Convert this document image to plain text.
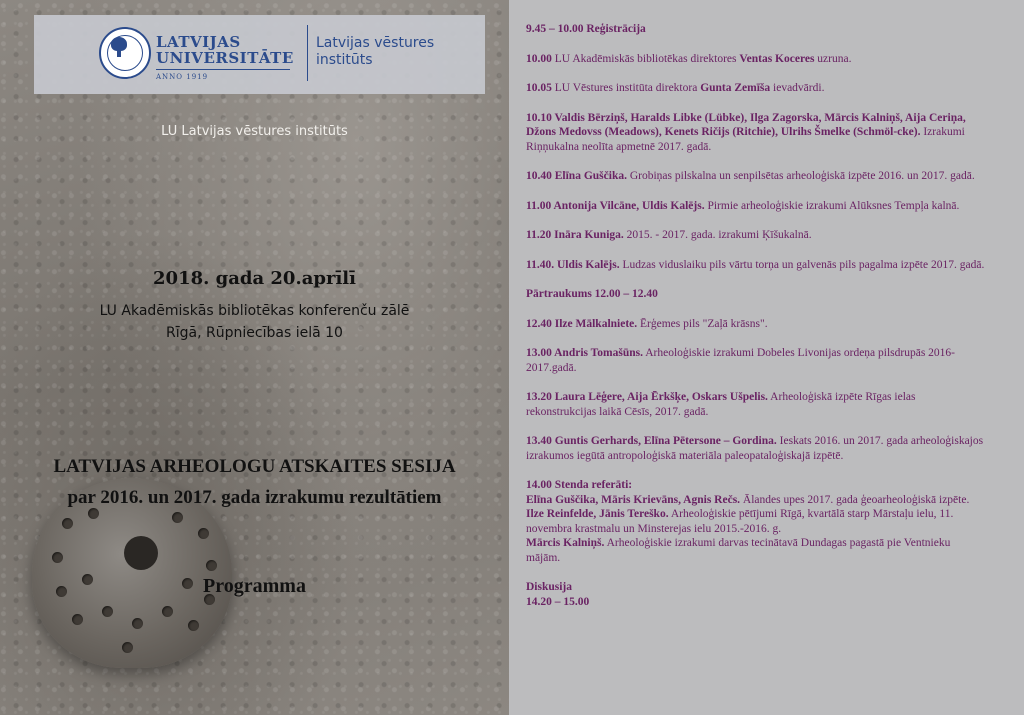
LATVIJAS
UNIVERSITĀTE
ANNO 1919
Latvijas vēstures
institūts
LU Latvijas vēstures institūts
2018. gada 20.aprīlī
LU Akadēmiskās bibliotēkas konferenču zālē
Rīgā, Rūpniecības ielā 10
LATVIJAS ARHEOLOGU ATSKAITES SESIJA
par 2016. un 2017. gada izrakumu rezultātiem
Programma
9.45 – 10.00 Reģistrācija
10.00 LU Akadēmiskās bibliotēkas direktores Ventas Koceres uzruna.
10.05 LU Vēstures institūta direktora Gunta Zemīša ievadvārdi.
10.10 Valdis Bērziņš, Haralds Libke (Lübke), Ilga Zagorska, Mārcis Kalniņš, Aija Ceriņa, Džons Medovss (Meadows), Kenets Ričijs (Ritchie), Ulrihs Šmelke (Schmöl-cke). Izrakumi Riņņukalna neolīta apmetnē 2017. gadā.
10.40 Elīna Guščika. Grobiņas pilskalna un senpilsētas arheoloģiskā izpēte 2016. un 2017. gadā.
11.00 Antonija Vilcāne, Uldis Kalējs. Pirmie arheoloģiskie izrakumi Alūksnes Tempļa kalnā.
11.20 Ināra Kuniga. 2015. - 2017. gada. izrakumi Ķīšukalnā.
11.40. Uldis Kalējs. Ludzas viduslaiku pils vārtu torņa un galvenās pils pagalma izpēte 2017. gadā.
Pārtraukums 12.00 – 12.40
12.40 Ilze Mālkalniete. Ērģemes pils "Zaļā krāsns".
13.00 Andris Tomašūns. Arheoloģiskie izrakumi Dobeles Livonijas ordeņa pilsdrupās 2016-2017.gadā.
13.20 Laura Lēģere, Aija Ērkšķe, Oskars Ušpelis. Arheoloģiskā izpēte Rīgas ielas rekonstrukcijas laikā Cēsīs, 2017. gadā.
13.40 Guntis Gerhards, Elīna Pētersone – Gordina. Ieskats 2016. un 2017. gada arheoloģiskajos izrakumos iegūtā antropoloģiskā materiāla paleopataloģiskajā izpētē.
14.00 Stenda referāti:
Elīna Guščika, Māris Krievāns, Agnis Rečs. Ālandes upes 2017. gada ģeoarheoloģiskā izpēte.
Ilze Reinfelde, Jānis Tereško. Arheoloģiskie pētījumi Rīgā, kvartālā starp Mārstaļu ielu, 11. novembra krastmalu un Minsterejas ielu 2015.-2016. g.
Mārcis Kalniņš. Arheoloģiskie izrakumi darvas tecinātavā Dundagas pagastā pie Ventnieku mājām.
Diskusija
14.20 – 15.00
